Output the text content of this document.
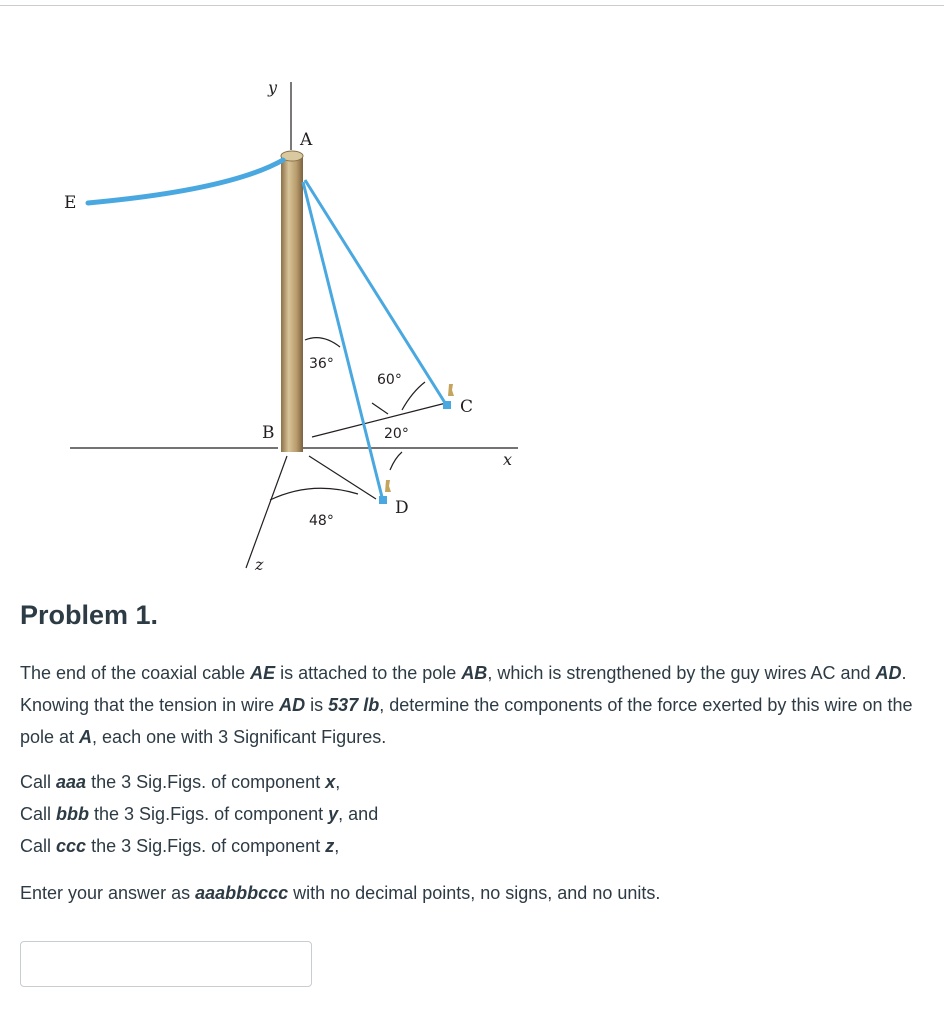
y
x
z
E
A
B
C
D
36°
60°
20°
48°
Problem 1.

The end of the coaxial cable AE is attached to the pole AB, which is strengthened by the guy wires AC and AD. Knowing that the tension in wire AD is 537 lb, determine the components of the force exerted by this wire on the pole at A, each one with 3 Significant Figures.

Call aaa the 3 Sig.Figs. of component x,
Call bbb the 3 Sig.Figs. of component y, and
Call ccc the 3 Sig.Figs. of component z,

Enter your answer as aaabbbccc with no decimal points, no signs, and no units.
